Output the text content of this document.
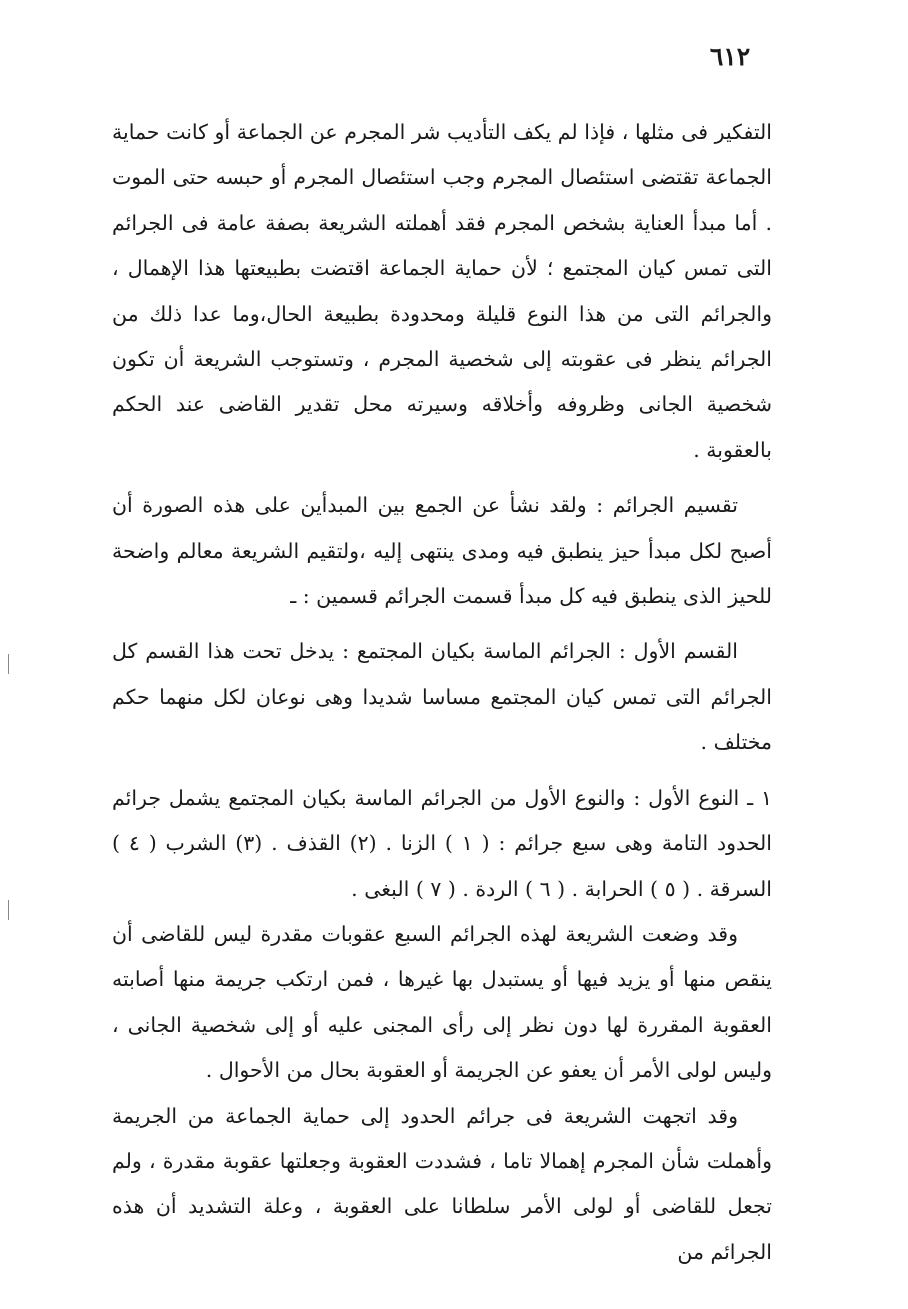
٦١٢

التفكير فى مثلها ، فإذا لم يكف التأديب شر المجرم عن الجماعة أو كانت حماية الجماعة تقتضى استئصال المجرم وجب استئصال المجرم أو حبسه حتى الموت . أما مبدأ العناية بشخص المجرم فقد أهملته الشريعة بصفة عامة فى الجرائم التى تمس كيان المجتمع ؛ لأن حماية الجماعة اقتضت بطبيعتها هذا الإهمال ، والجرائم التى من هذا النوع قليلة ومحدودة بطبيعة الحال،وما عدا ذلك من الجرائم ينظر فى عقوبته إلى شخصية المجرم ، وتستوجب الشريعة أن تكون شخصية الجانى وظروفه وأخلاقه وسيرته محل تقدير القاضى عند الحكم بالعقوبة .

تقسيم الجرائم : ولقد نشأ عن الجمع بين المبدأين على هذه الصورة أن أصبح لكل مبدأ حيز ينطبق فيه ومدى ينتهى إليه ،ولتقيم الشريعة معالم واضحة للحيز الذى ينطبق فيه كل مبدأ قسمت الجرائم قسمين : ـ

القسم الأول : الجرائم الماسة بكيان المجتمع : يدخل تحت هذا القسم كل الجرائم التى تمس كيان المجتمع مساسا شديدا وهى نوعان لكل منهما حكم مختلف .

١ ـ النوع الأول : والنوع الأول من الجرائم الماسة بكيان المجتمع يشمل جرائم الحدود التامة وهى سبع جرائم : ( ١ ) الزنا . (٢) القذف . (٣) الشرب ( ٤ ) السرقة . ( ٥ ) الحرابة . ( ٦ ) الردة . ( ٧ ) البغى .

وقد وضعت الشريعة لهذه الجرائم السبع عقوبات مقدرة ليس للقاضى أن ينقص منها أو يزيد فيها أو يستبدل بها غيرها ، فمن ارتكب جريمة منها أصابته العقوبة المقررة لها دون نظر إلى رأى المجنى عليه أو إلى شخصية الجانى ، وليس لولى الأمر أن يعفو عن الجريمة أو العقوبة بحال من الأحوال .

وقد اتجهت الشريعة فى جرائم الحدود إلى حماية الجماعة من الجريمة وأهملت شأن المجرم إهمالا تاما ، فشددت العقوبة وجعلتها عقوبة مقدرة ، ولم تجعل للقاضى أو لولى الأمر سلطانا على العقوبة ، وعلة التشديد أن هذه الجرائم من
